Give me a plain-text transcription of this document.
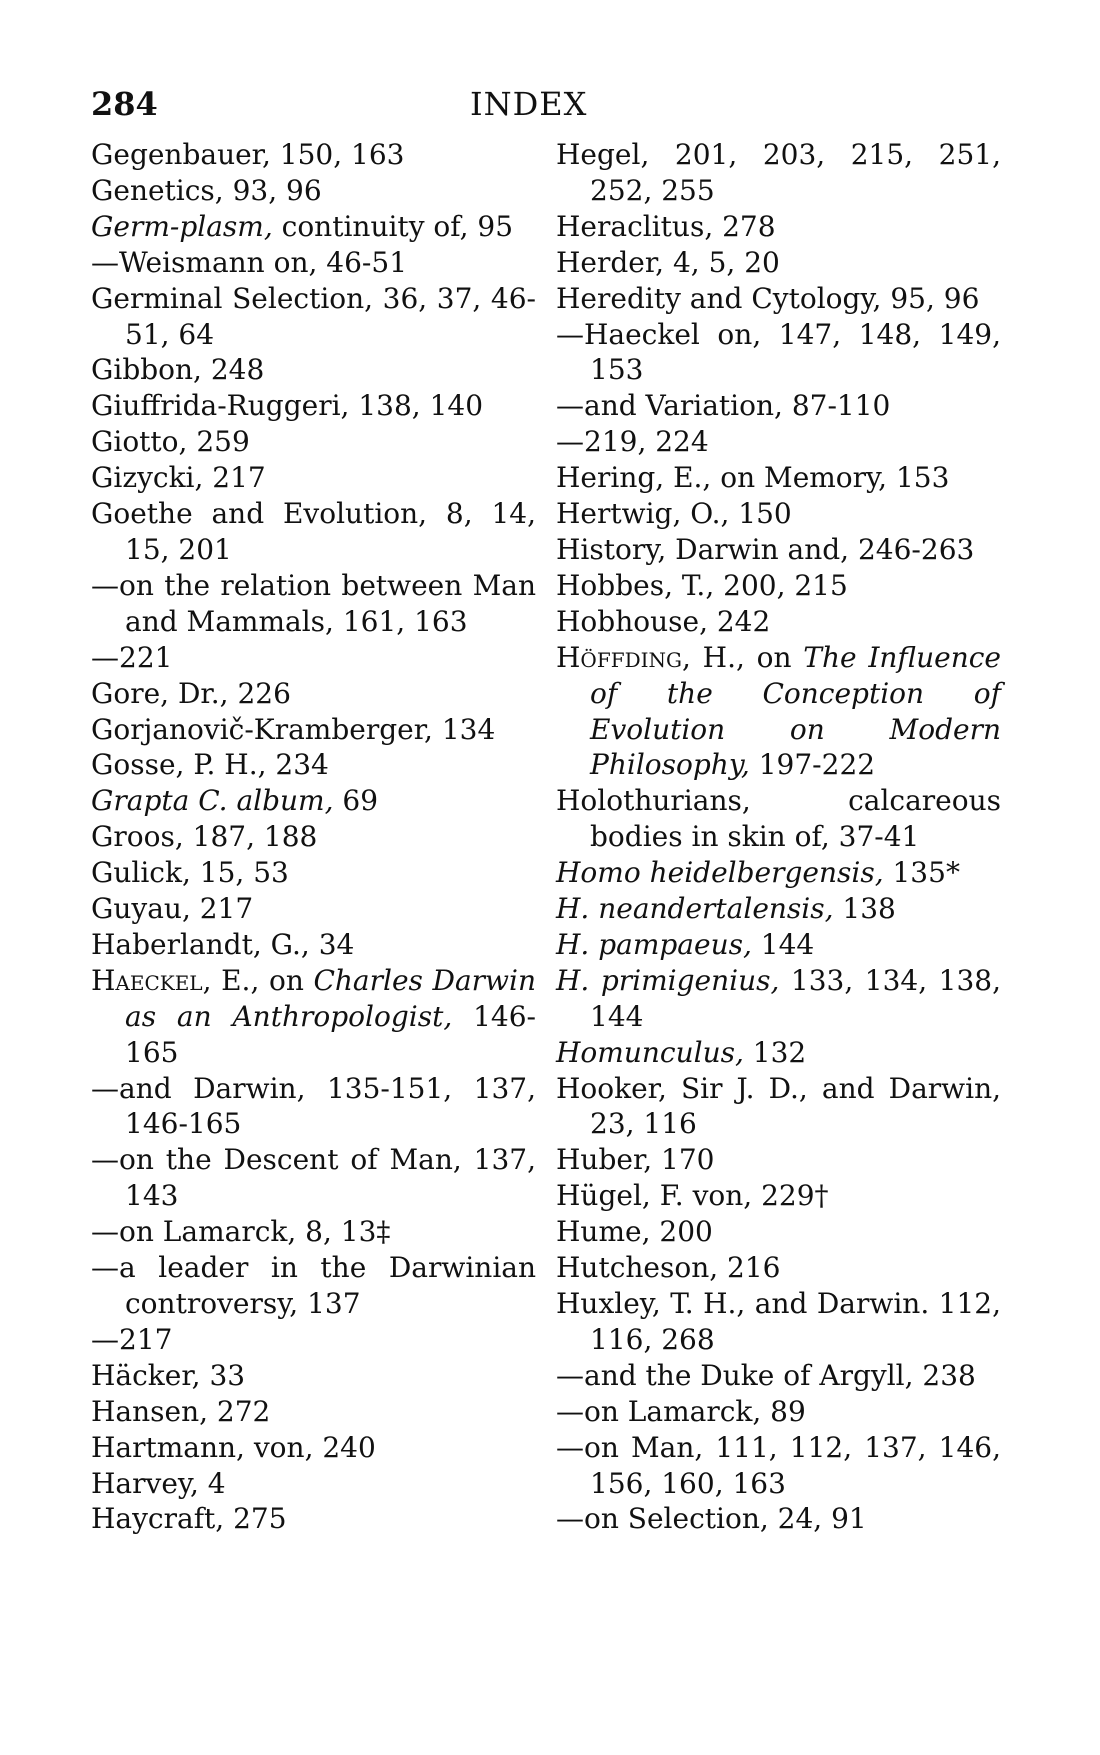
284	INDEX
Gegenbauer, 150, 163
Genetics, 93, 96
Germ-plasm, continuity of, 95
—Weismann on, 46-51
Germinal Selection, 36, 37, 46-51, 64
Gibbon, 248
Giuffrida-Ruggeri, 138, 140
Giotto, 259
Gizycki, 217
Goethe and Evolution, 8, 14, 15, 201
—on the relation between Man and Mammals, 161, 163
—221
Gore, Dr., 226
Gorjanovič-Kramberger, 134
Gosse, P. H., 234
Grapta C. album, 69
Groos, 187, 188
Gulick, 15, 53
Guyau, 217
Haberlandt, G., 34
Haeckel, E., on Charles Darwin as an Anthropologist, 146-165
—and Darwin, 135-151, 137, 146-165
—on the Descent of Man, 137, 143
—on Lamarck, 8, 13‡
—a leader in the Darwinian controversy, 137
—217
Häcker, 33
Hansen, 272
Hartmann, von, 240
Harvey, 4
Haycraft, 275
Hegel, 201, 203, 215, 251, 252, 255
Heraclitus, 278
Herder, 4, 5, 20
Heredity and Cytology, 95, 96
—Haeckel on, 147, 148, 149, 153
—and Variation, 87-110
—219, 224
Hering, E., on Memory, 153
Hertwig, O., 150
History, Darwin and, 246-263
Hobbes, T., 200, 215
Hobhouse, 242
Höffding, H., on The Influence of the Conception of Evolution on Modern Philosophy, 197-222
Holothurians, calcareous bodies in skin of, 37-41
Homo heidelbergensis, 135*
H. neandertalensis, 138
H. pampaeus, 144
H. primigenius, 133, 134, 138, 144
Homunculus, 132
Hooker, Sir J. D., and Darwin, 23, 116
Huber, 170
Hügel, F. von, 229†
Hume, 200
Hutcheson, 216
Huxley, T. H., and Darwin. 112, 116, 268
—and the Duke of Argyll, 238
—on Lamarck, 89
—on Man, 111, 112, 137, 146, 156, 160, 163
—on Selection, 24, 91
